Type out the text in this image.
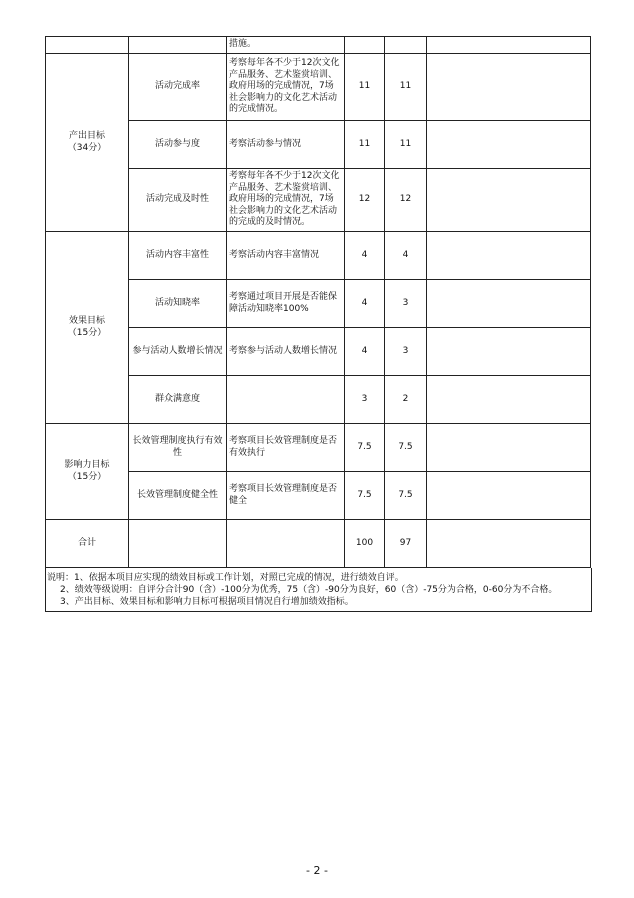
		措施。			
产出目标
（34分）	活动完成率	考察每年各不少于12次文化产品服务、艺术鉴赏培训、政府用场的完成情况，7场社会影响力的文化艺术活动的完成情况。	11	11	
	活动参与度	考察活动参与情况	11	11	
	活动完成及时性	考察每年各不少于12次文化产品服务、艺术鉴赏培训、政府用场的完成情况，7场社会影响力的文化艺术活动的完成的及时情况。	12	12	
效果目标
（15分）	活动内容丰富性	考察活动内容丰富情况	4	4	
	活动知晓率	考察通过项目开展是否能保障活动知晓率100%	4	3	
	参与活动人数增长情况	考察参与活动人数增长情况	4	3	
	群众满意度		3	2	
影响力目标
（15分）	长效管理制度执行有效性	考察项目长效管理制度是否有效执行	7.5	7.5	
	长效管理制度健全性	考察项目长效管理制度是否健全	7.5	7.5	
合计			100	97	
说明：1、依据本项目应实现的绩效目标或工作计划，对照已完成的情况，进行绩效自评。
2、绩效等级说明：自评分合计90（含）-100分为优秀，75（含）-90分为良好，60（含）-75分为合格，0-60分为不合格。
3、产出目标、效果目标和影响力目标可根据项目情况自行增加绩效指标。
- 2 -
